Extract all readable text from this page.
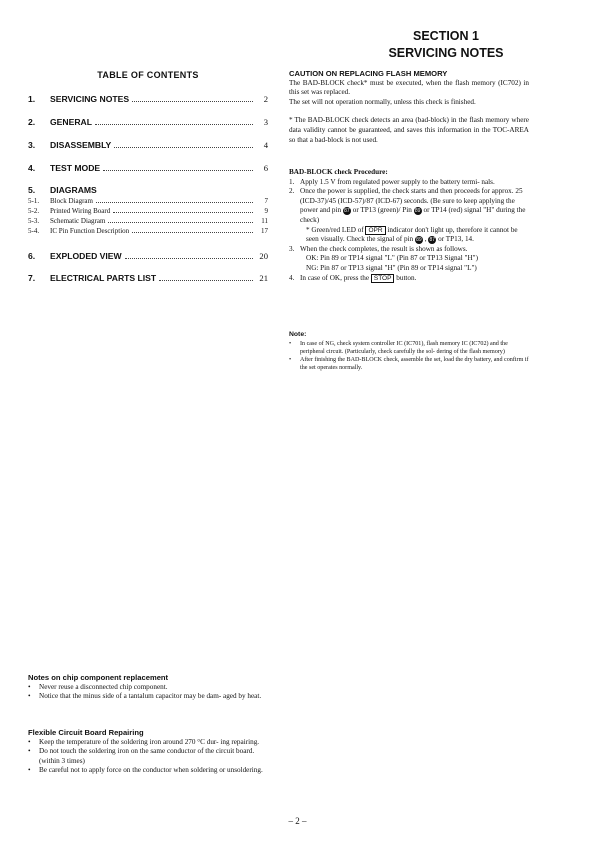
SECTION 1
SERVICING NOTES
TABLE OF CONTENTS
1.	SERVICING NOTES	2
2.	GENERAL	3
3.	DISASSEMBLY	4
4.	TEST MODE	6
5.	DIAGRAMS
5-1.	Block Diagram	7
5-2.	Printed Wiring Board	9
5-3.	Schematic Diagram	11
5-4.	IC Pin Function Description	17
6.	EXPLODED VIEW	20
7.	ELECTRICAL PARTS LIST	21
CAUTION ON REPLACING FLASH MEMORY
The BAD-BLOCK check* must be executed, when the flash memory (IC702) in this set was replaced.
The set will not operation normally, unless this check is finished.
* The BAD-BLOCK check detects an area (bad-block) in the flash memory where data validity cannot be guaranteed, and saves this information in the TOC-AREA so that a bad-block is not used.
BAD-BLOCK check Procedure:
1. Apply 1.5 V from regulated power supply to the battery termi- nals.
2. Once the power is supplied, the check starts and then proceeds for approx. 25 (ICD-37)/45 (ICD-57)/87 (ICD-67) seconds. (Be sure to keep applying the power and pin 87 or TP13 (green)/ Pin 89 or TP14 (red) signal "H" during the check)
* Green/red LED of OPR indicator don't light up, therefore it cannot be seen visually. Check the signal of pin 89 , 87 or TP13, 14.
3. When the check completes, the result is shown as follows.
OK: Pin 89 or TP14 signal "L" (Pin 87 or TP13 Signal "H")
NG: Pin 87 or TP13 signal "H" (Pin 89 or TP14 signal "L")
4. In case of OK, press the STOP button.
Note:
•	In case of NG, check system controller IC (IC701), flash memory IC (IC702) and the peripheral circuit. (Particularly, check carefully the sol- dering of the flash memory)
•	After finishing the BAD-BLOCK check, assemble the set, load the dry battery, and confirm if the set operates normally.
Notes on chip component replacement
•	Never reuse a disconnected chip component.
•	Notice that the minus side of a tantalum capacitor may be dam- aged by heat.
Flexible Circuit Board Repairing
•	Keep the temperature of the soldering iron around 270 °C dur- ing repairing.
•	Do not touch the soldering iron on the same conductor of the circuit board. (within 3 times)
•	Be careful not to apply force on the conductor when soldering or unsoldering.
– 2 –
